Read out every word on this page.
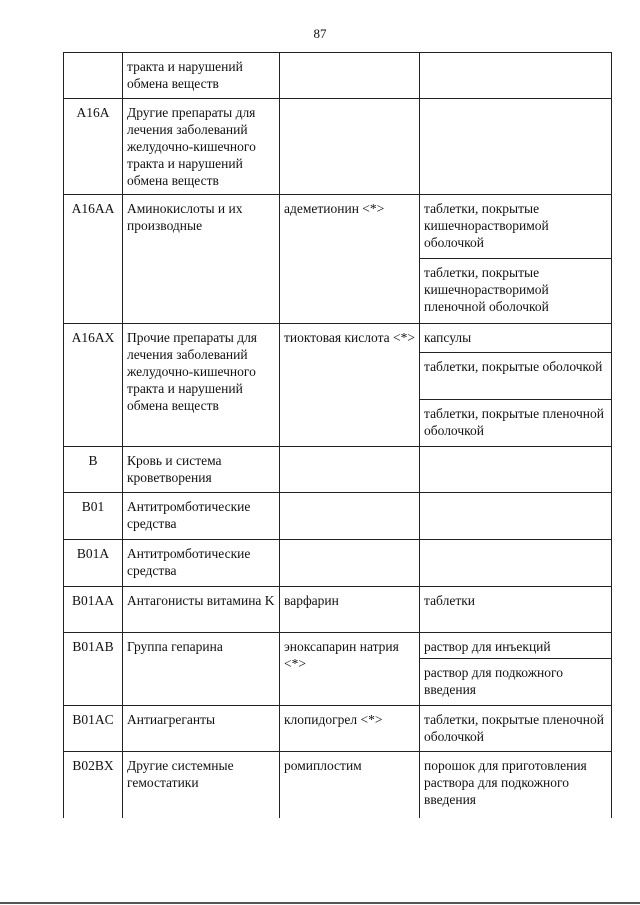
87
	тракта и нарушений обмена веществ		
A16A	Другие препараты для лечения заболеваний желудочно-кишечного тракта и нарушений обмена веществ		
A16AA	Аминокислоты и их производные	адеметионин <*>	таблетки, покрытые кишечнорастворимой оболочкой
			таблетки, покрытые кишечнорастворимой пленочной оболочкой
A16AX	Прочие препараты для лечения заболеваний желудочно-кишечного тракта и нарушений обмена веществ	тиоктовая кислота <*>	капсулы
			таблетки, покрытые оболочкой
			таблетки, покрытые пленочной оболочкой
B	Кровь и система кроветворения		
B01	Антитромботические средства		
B01A	Антитромботические средства		
B01AA	Антагонисты витамина K	варфарин	таблетки
B01AB	Группа гепарина	эноксапарин натрия <*>	раствор для инъекций
			раствор для подкожного введения
B01AC	Антиагреганты	клопидогрел <*>	таблетки, покрытые пленочной оболочкой
B02BX	Другие системные гемостатики	ромиплостим	порошок для приготовления раствора для подкожного введения
